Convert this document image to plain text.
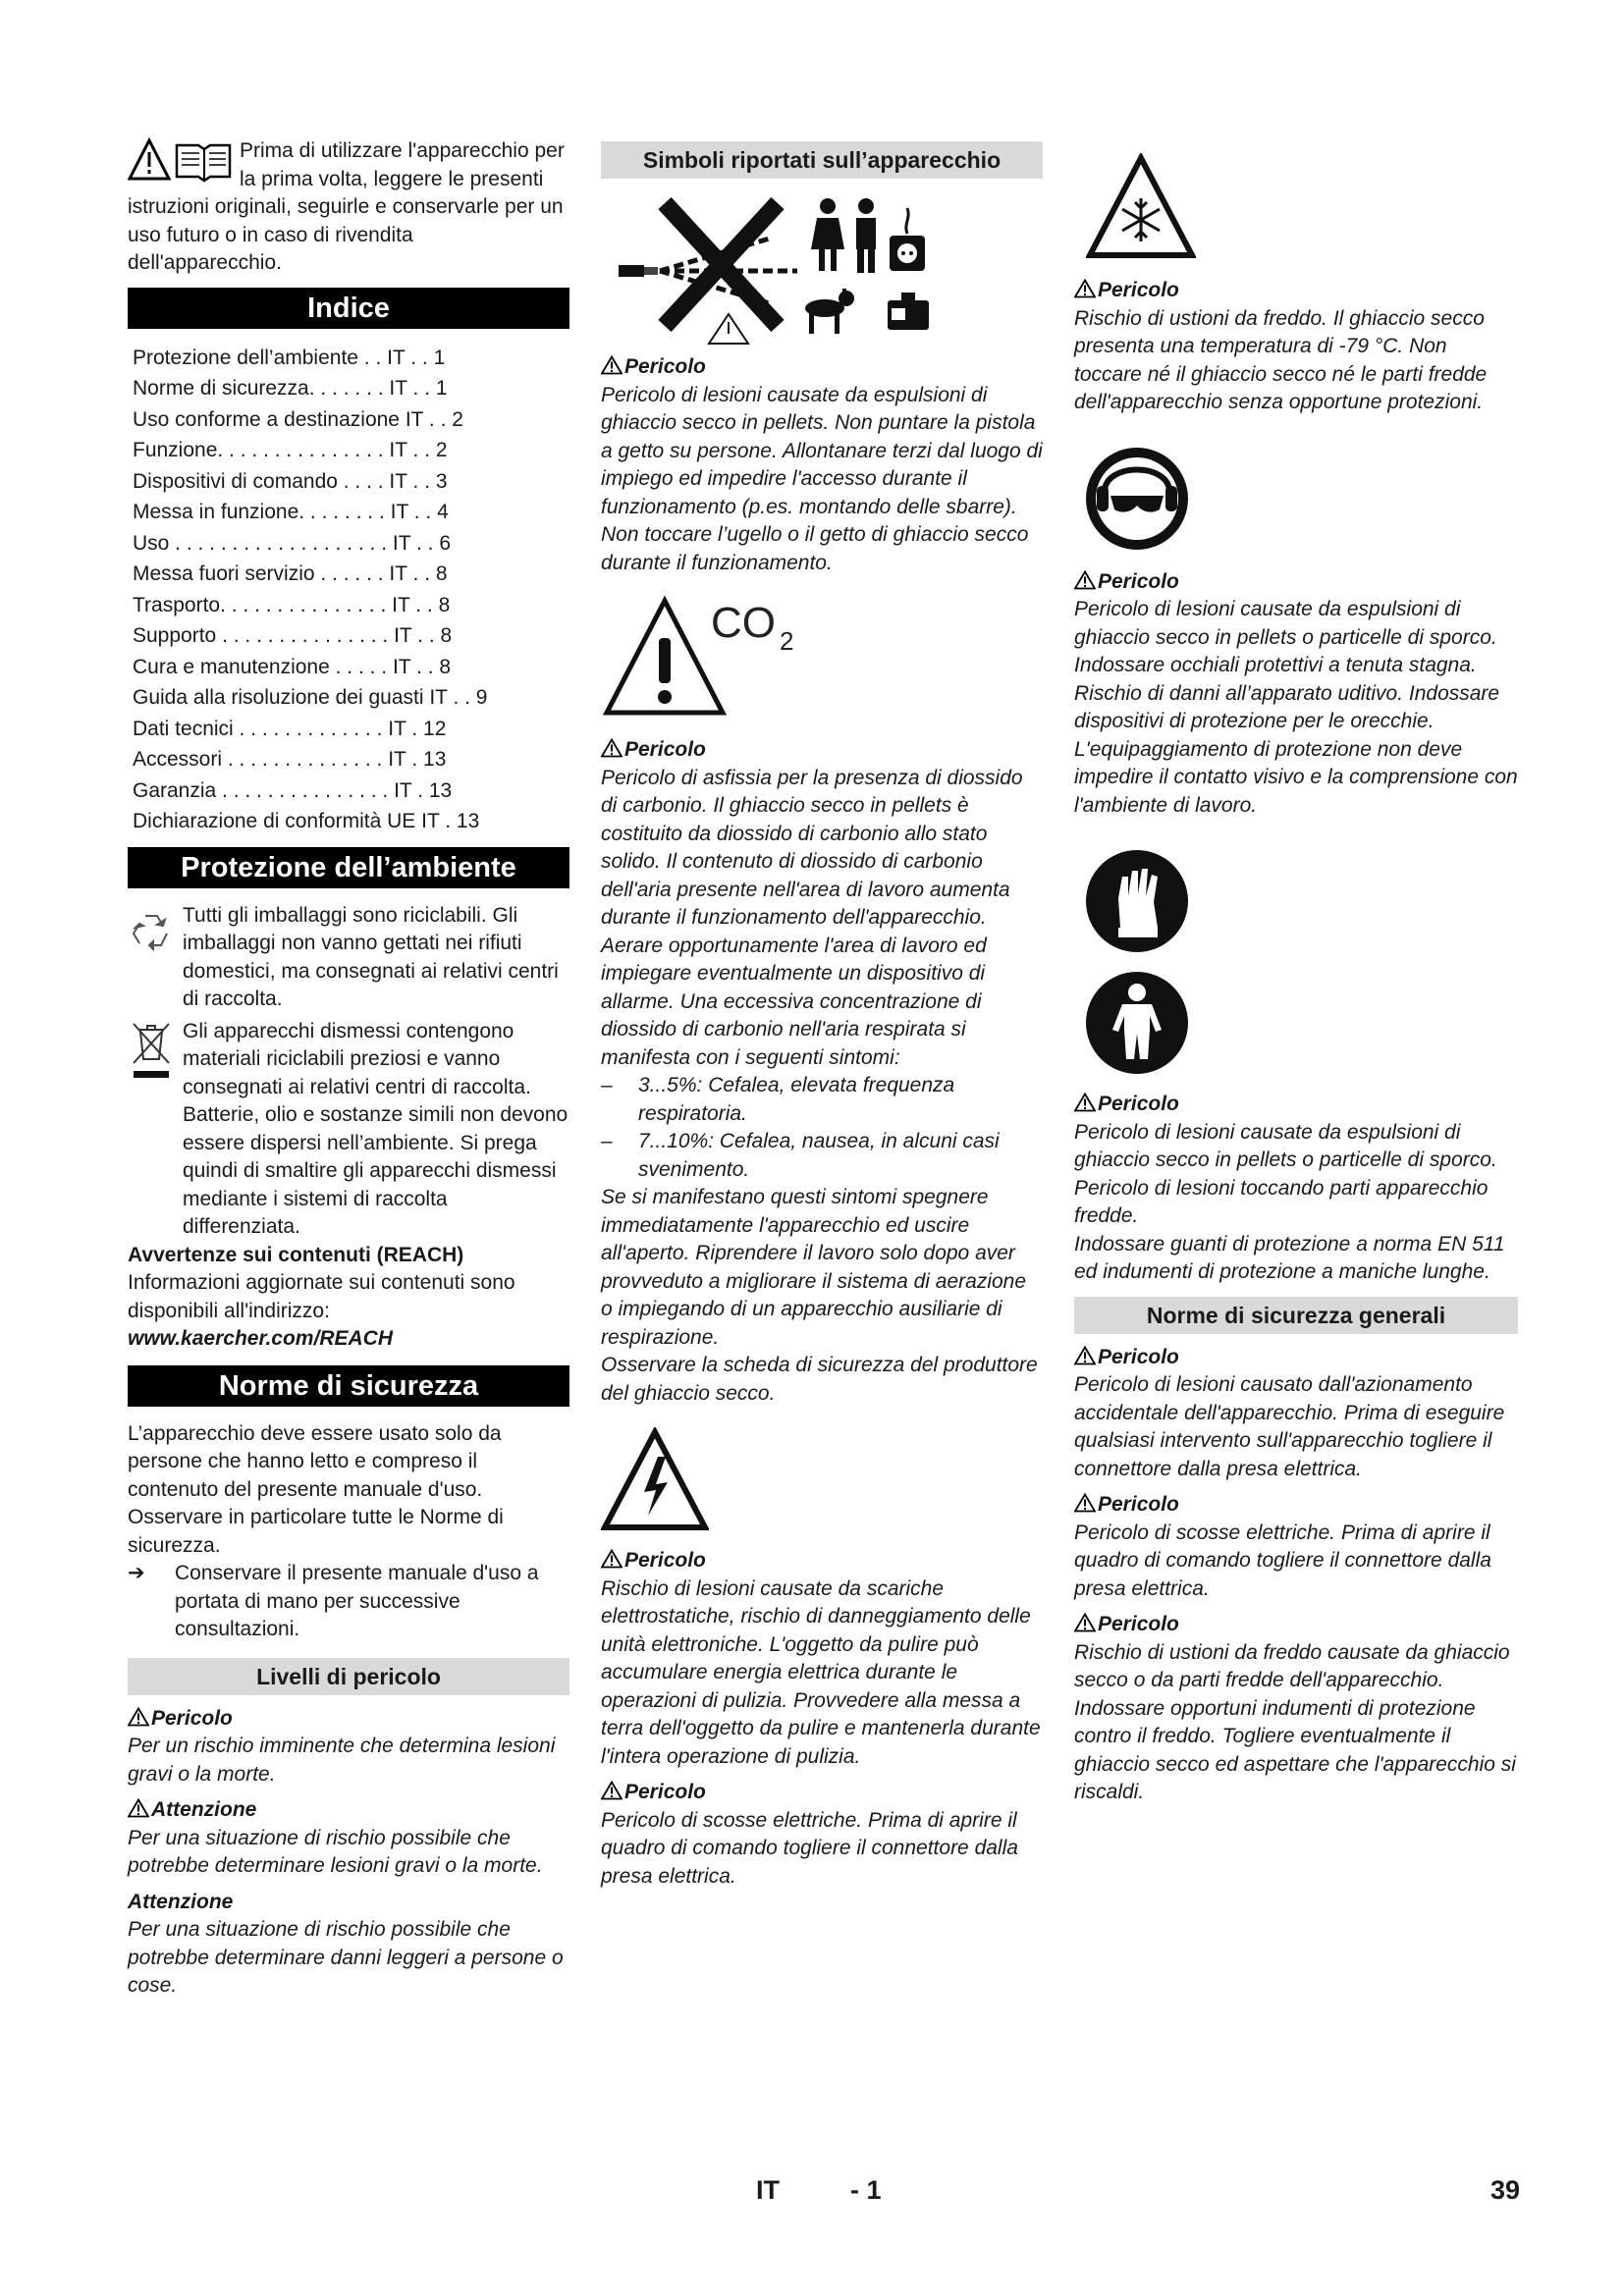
Prima di utilizzare l'apparecchio per la prima volta, leggere le presenti istruzioni originali, seguirle e conservarle per un uso futuro o in caso di rivendita dell'apparecchio.
Indice
Protezione dell’ambiente . . IT . . 1
Norme di sicurezza. . . . . . . IT . . 1
Uso conforme a destinazione IT . . 2
Funzione. . . . . . . . . . . . . . . IT . . 2
Dispositivi di comando . . . . IT . . 3
Messa in funzione. . . . . . . . IT . . 4
Uso . . . . . . . . . . . . . . . . . . . IT . . 6
Messa fuori servizio . . . . . . IT . . 8
Trasporto. . . . . . . . . . . . . . . IT . . 8
Supporto . . . . . . . . . . . . . . . IT . . 8
Cura e manutenzione . . . . . IT . . 8
Guida alla risoluzione dei guasti IT . . 9
Dati tecnici . . . . . . . . . . . . . IT . 12
Accessori . . . . . . . . . . . . . . IT . 13
Garanzia . . . . . . . . . . . . . . . IT . 13
Dichiarazione di conformità UE IT . 13
Protezione dell’ambiente
Tutti gli imballaggi sono riciclabili. Gli imballaggi non vanno gettati nei rifiuti domestici, ma consegnati ai relativi centri di raccolta.
Gli apparecchi dismessi contengono materiali riciclabili preziosi e vanno consegnati ai relativi centri di raccolta. Batterie, olio e sostanze simili non devono essere dispersi nell’ambiente. Si prega quindi di smaltire gli apparecchi dismessi mediante i sistemi di raccolta differenziata.
Avvertenze sui contenuti (REACH)
Informazioni aggiornate sui contenuti sono disponibili all'indirizzo:
www.kaercher.com/REACH
Norme di sicurezza

L’apparecchio deve essere usato solo da persone che hanno letto e compreso il contenuto del presente manuale d'uso. Osservare in particolare tutte le Norme di sicurezza.

➔ Conservare il presente manuale d'uso a portata di mano per successive consultazioni.
Livelli di pericolo
Pericolo

Per un rischio imminente che determina lesioni gravi o la morte.

Attenzione

Per una situazione di rischio possibile che potrebbe determinare lesioni gravi o la morte.

Attenzione

Per una situazione di rischio possibile che potrebbe determinare danni leggeri a persone o cose.

Simboli riportati sull’apparecchio
Pericolo

Pericolo di lesioni causate da espulsioni di ghiaccio secco in pellets. Non puntare la pistola a getto su persone. Allontanare terzi dal luogo di impiego ed impedire l'accesso durante il funzionamento (p.es. montando delle sbarre).

Non toccare l’ugello o il getto di ghiaccio secco durante il funzionamento.

CO 2
Pericolo

Pericolo di asfissia per la presenza di diossido di carbonio. Il ghiaccio secco in pellets è costituito da diossido di carbonio allo stato solido. Il contenuto di diossido di carbonio dell'aria presente nell'area di lavoro aumenta durante il funzionamento dell'apparecchio. Aerare opportunamente l'area di lavoro ed impiegare eventualmente un dispositivo di allarme. Una eccessiva concentrazione di diossido di carbonio nell'aria respirata si manifesta con i seguenti sintomi:

– 3...5%: Cefalea, elevata frequenza respiratoria.
– 7...10%: Cefalea, nausea, in alcuni casi svenimento.

Se si manifestano questi sintomi spegnere immediatamente l'apparecchio ed uscire all'aperto. Riprendere il lavoro solo dopo aver provveduto a migliorare il sistema di aerazione o impiegando di un apparecchio ausiliarie di respirazione.

Osservare la scheda di sicurezza del produttore del ghiaccio secco.

Pericolo

Rischio di lesioni causate da scariche elettrostatiche, rischio di danneggiamento delle unità elettroniche. L'oggetto da pulire può accumulare energia elettrica durante le operazioni di pulizia. Provvedere alla messa a terra dell'oggetto da pulire e mantenerla durante l'intera operazione di pulizia.

Pericolo

Pericolo di scosse elettriche. Prima di aprire il quadro di comando togliere il connettore dalla presa elettrica.

Pericolo

Rischio di ustioni da freddo. Il ghiaccio secco presenta una temperatura di -79 °C. Non toccare né il ghiaccio secco né le parti fredde dell'apparecchio senza opportune protezioni.

Pericolo

Pericolo di lesioni causate da espulsioni di ghiaccio secco in pellets o particelle di sporco. Indossare occhiali protettivi a tenuta stagna.

Rischio di danni all’apparato uditivo. Indossare dispositivi di protezione per le orecchie.

L'equipaggiamento di protezione non deve impedire il contatto visivo e la comprensione con l'ambiente di lavoro.

Pericolo

Pericolo di lesioni causate da espulsioni di ghiaccio secco in pellets o particelle di sporco.

Pericolo di lesioni toccando parti apparecchio fredde.

Indossare guanti di protezione a norma EN 511 ed indumenti di protezione a maniche lunghe.

Norme di sicurezza generali
Pericolo

Pericolo di lesioni causato dall'azionamento accidentale dell'apparecchio. Prima di eseguire qualsiasi intervento sull'apparecchio togliere il connettore dalla presa elettrica.

Pericolo

Pericolo di scosse elettriche. Prima di aprire il quadro di comando togliere il connettore dalla presa elettrica.

Pericolo

Rischio di ustioni da freddo causate da ghiaccio secco o da parti fredde dell'apparecchio. Indossare opportuni indumenti di protezione contro il freddo. Togliere eventualmente il ghiaccio secco ed aspettare che l'apparecchio si riscaldi.

IT	- 1	39
